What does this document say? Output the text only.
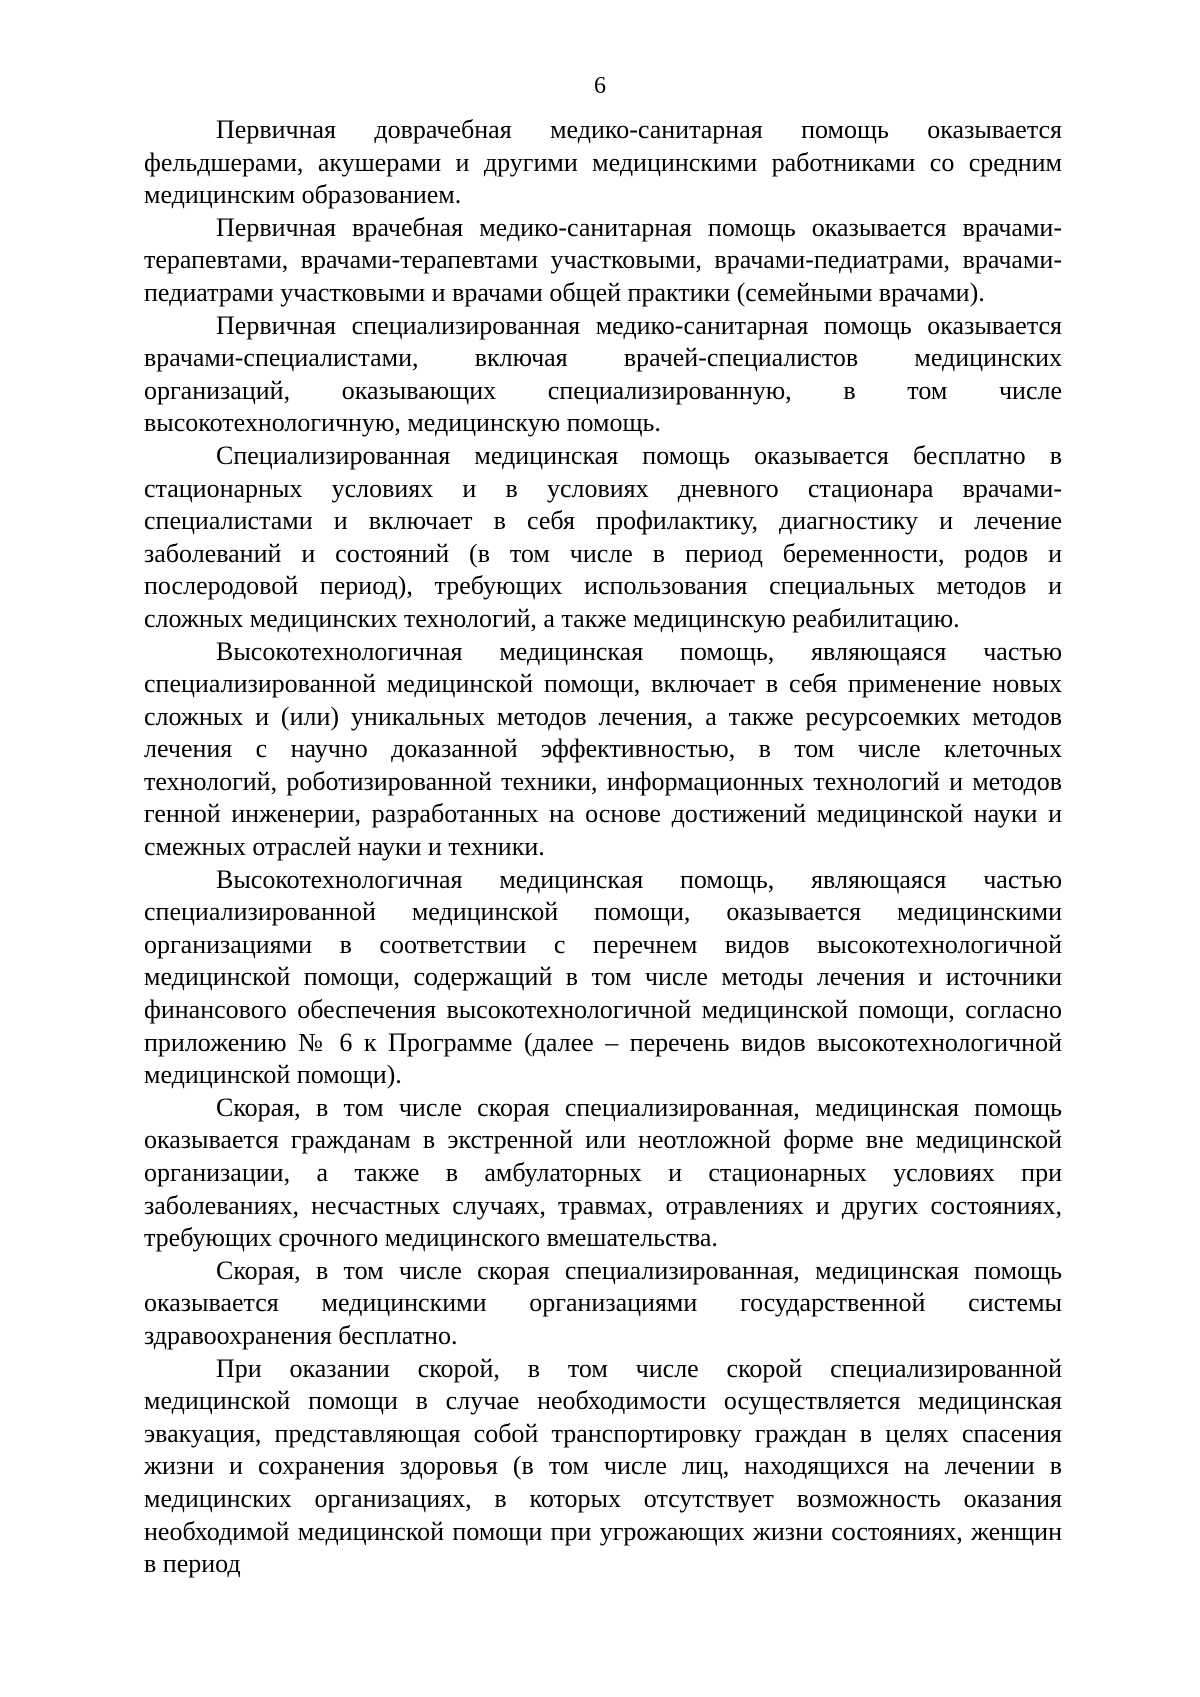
6

Первичная доврачебная медико-санитарная помощь оказывается фельдшерами, акушерами и другими медицинскими работниками со средним медицинским образованием.

Первичная врачебная медико-санитарная помощь оказывается врачами-терапевтами, врачами-терапевтами участковыми, врачами-педиатрами, врачами-педиатрами участковыми и врачами общей практики (семейными врачами).

Первичная специализированная медико-санитарная помощь оказывается врачами-специалистами, включая врачей-специалистов медицинских организаций, оказывающих специализированную, в том числе высокотехнологичную, медицинскую помощь.

Специализированная медицинская помощь оказывается бесплатно в стационарных условиях и в условиях дневного стационара врачами-специалистами и включает в себя профилактику, диагностику и лечение заболеваний и состояний (в том числе в период беременности, родов и послеродовой период), требующих использования специальных методов и сложных медицинских технологий, а также медицинскую реабилитацию.

Высокотехнологичная медицинская помощь, являющаяся частью специализированной медицинской помощи, включает в себя применение новых сложных и (или) уникальных методов лечения, а также ресурсоемких методов лечения с научно доказанной эффективностью, в том числе клеточных технологий, роботизированной техники, информационных технологий и методов генной инженерии, разработанных на основе достижений медицинской науки и смежных отраслей науки и техники.

Высокотехнологичная медицинская помощь, являющаяся частью специализированной медицинской помощи, оказывается медицинскими организациями в соответствии с перечнем видов высокотехнологичной медицинской помощи, содержащий в том числе методы лечения и источники финансового обеспечения высокотехнологичной медицинской помощи, согласно приложению № 6 к Программе (далее – перечень видов высокотехнологичной медицинской помощи).

Скорая, в том числе скорая специализированная, медицинская помощь оказывается гражданам в экстренной или неотложной форме вне медицинской организации, а также в амбулаторных и стационарных условиях при заболеваниях, несчастных случаях, травмах, отравлениях и других состояниях, требующих срочного медицинского вмешательства.

Скорая, в том числе скорая специализированная, медицинская помощь оказывается медицинскими организациями государственной системы здравоохранения бесплатно.

При оказании скорой, в том числе скорой специализированной медицинской помощи в случае необходимости осуществляется медицинская эвакуация, представляющая собой транспортировку граждан в целях спасения жизни и сохранения здоровья (в том числе лиц, находящихся на лечении в медицинских организациях, в которых отсутствует возможность оказания необходимой медицинской помощи при угрожающих жизни состояниях, женщин в период
